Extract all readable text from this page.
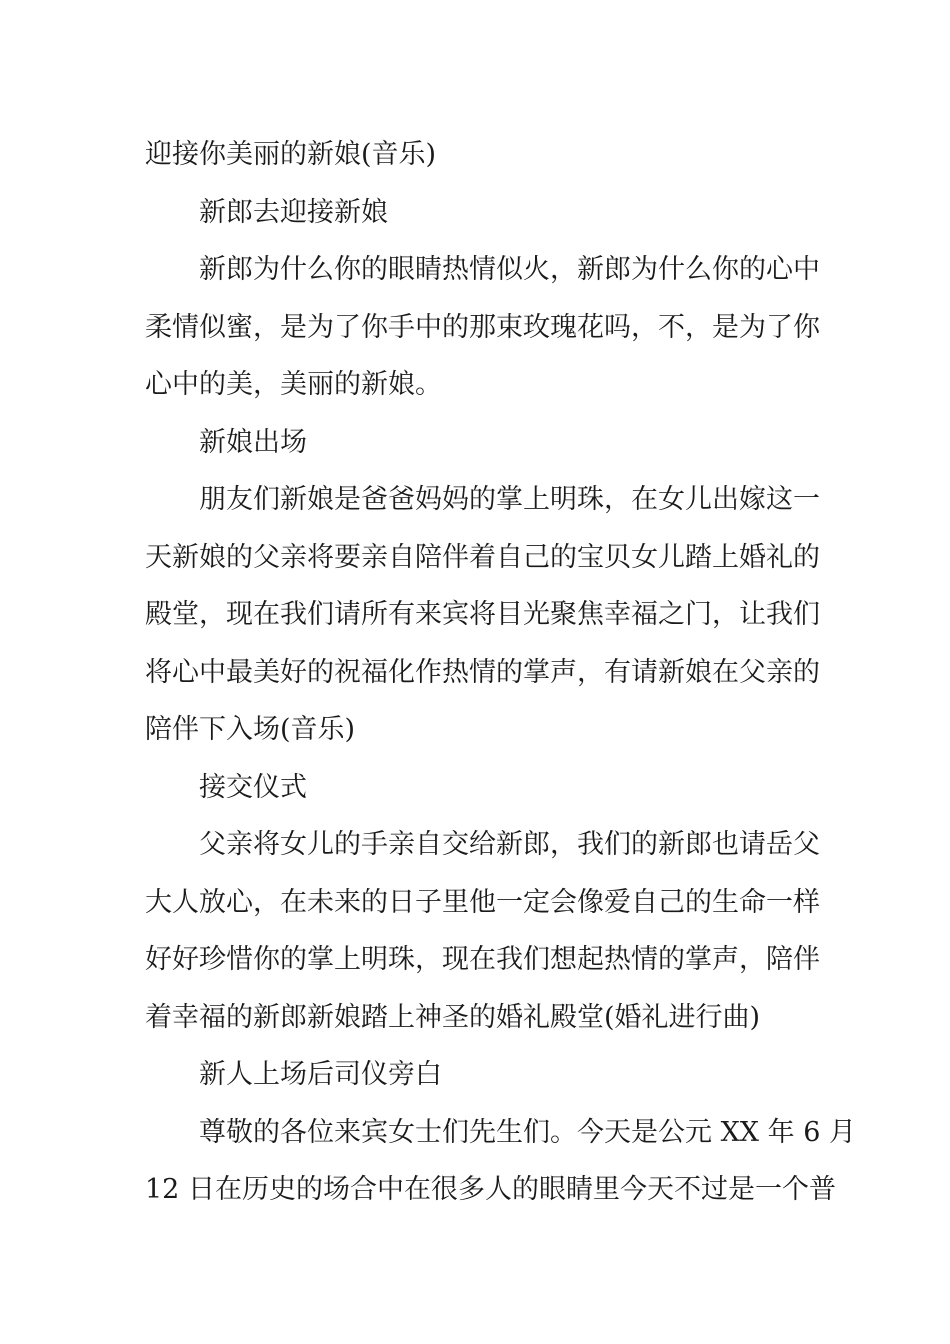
迎接你美丽的新娘(音乐)
新郎去迎接新娘
新郎为什么你的眼睛热情似火，新郎为什么你的心中
柔情似蜜，是为了你手中的那束玫瑰花吗，不，是为了你
心中的美，美丽的新娘。
新娘出场
朋友们新娘是爸爸妈妈的掌上明珠，在女儿出嫁这一
天新娘的父亲将要亲自陪伴着自己的宝贝女儿踏上婚礼的
殿堂，现在我们请所有来宾将目光聚焦幸福之门，让我们
将心中最美好的祝福化作热情的掌声，有请新娘在父亲的
陪伴下入场(音乐)
接交仪式
父亲将女儿的手亲自交给新郎，我们的新郎也请岳父
大人放心，在未来的日子里他一定会像爱自己的生命一样
好好珍惜你的掌上明珠，现在我们想起热情的掌声，陪伴
着幸福的新郎新娘踏上神圣的婚礼殿堂(婚礼进行曲)
新人上场后司仪旁白
尊敬的各位来宾女士们先生们。今天是公元 XX 年 6 月
12 日在历史的场合中在很多人的眼睛里今天不过是一个普
